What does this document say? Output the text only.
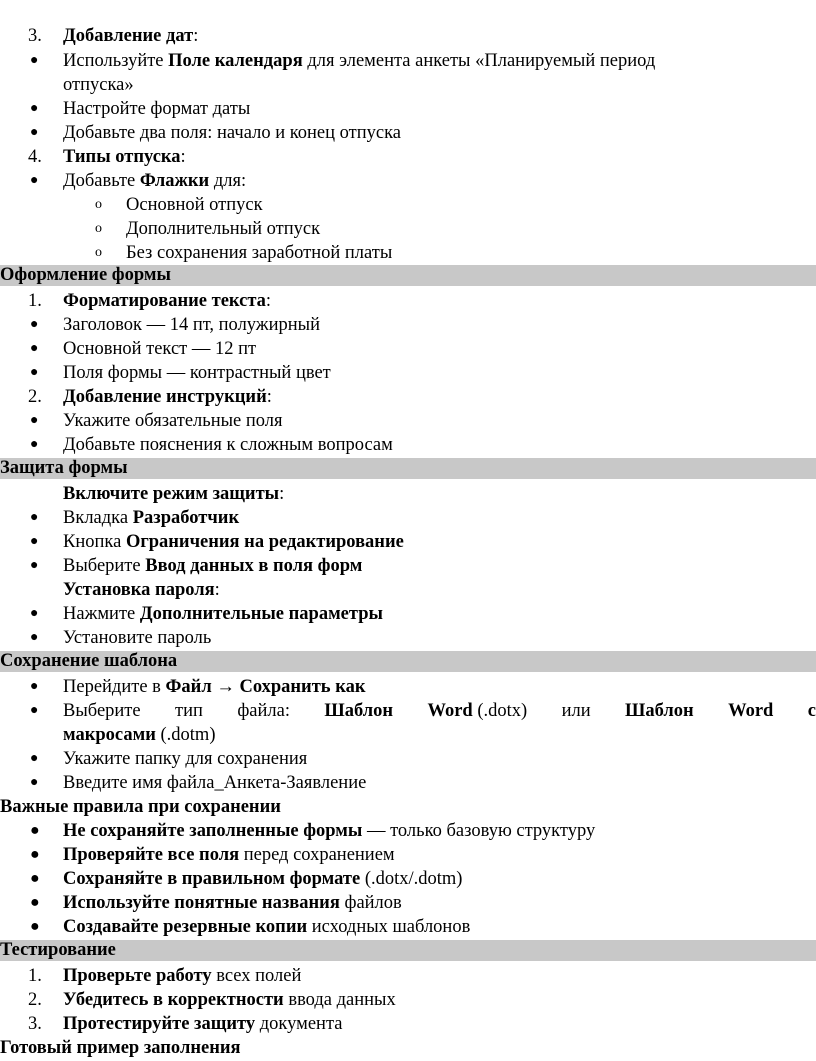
3. Добавление дат:
● Используйте Поле календаря для элемента анкеты «Планируемый период
отпуска»
● Настройте формат даты
● Добавьте два поля: начало и конец отпуска
4. Типы отпуска:
● Добавьте Флажки для:
o Основной отпуск
o Дополнительный отпуск
o Без сохранения заработной платы
Оформление формы
1. Форматирование текста:
● Заголовок — 14 пт, полужирный
● Основной текст — 12 пт
● Поля формы — контрастный цвет
2. Добавление инструкций:
● Укажите обязательные поля
● Добавьте пояснения к сложным вопросам
Защита формы
Включите режим защиты:
● Вкладка Разработчик
● Кнопка Ограничения на редактирование
● Выберите Ввод данных в поля форм
Установка пароля:
● Нажмите Дополнительные параметры
● Установите пароль
Сохранение шаблона
● Перейдите в Файл → Сохранить как
● Выберите тип файла: Шаблон Word (.dotx) или Шаблон Word с
макросами (.dotm)
● Укажите папку для сохранения
● Введите имя файла_Анкета-Заявление
Важные правила при сохранении
● Не сохраняйте заполненные формы — только базовую структуру
● Проверяйте все поля перед сохранением
● Сохраняйте в правильном формате (.dotx/.dotm)
● Используйте понятные названия файлов
● Создавайте резервные копии исходных шаблонов
Тестирование
1. Проверьте работу всех полей
2. Убедитесь в корректности ввода данных
3. Протестируйте защиту документа
Готовый пример заполнения
